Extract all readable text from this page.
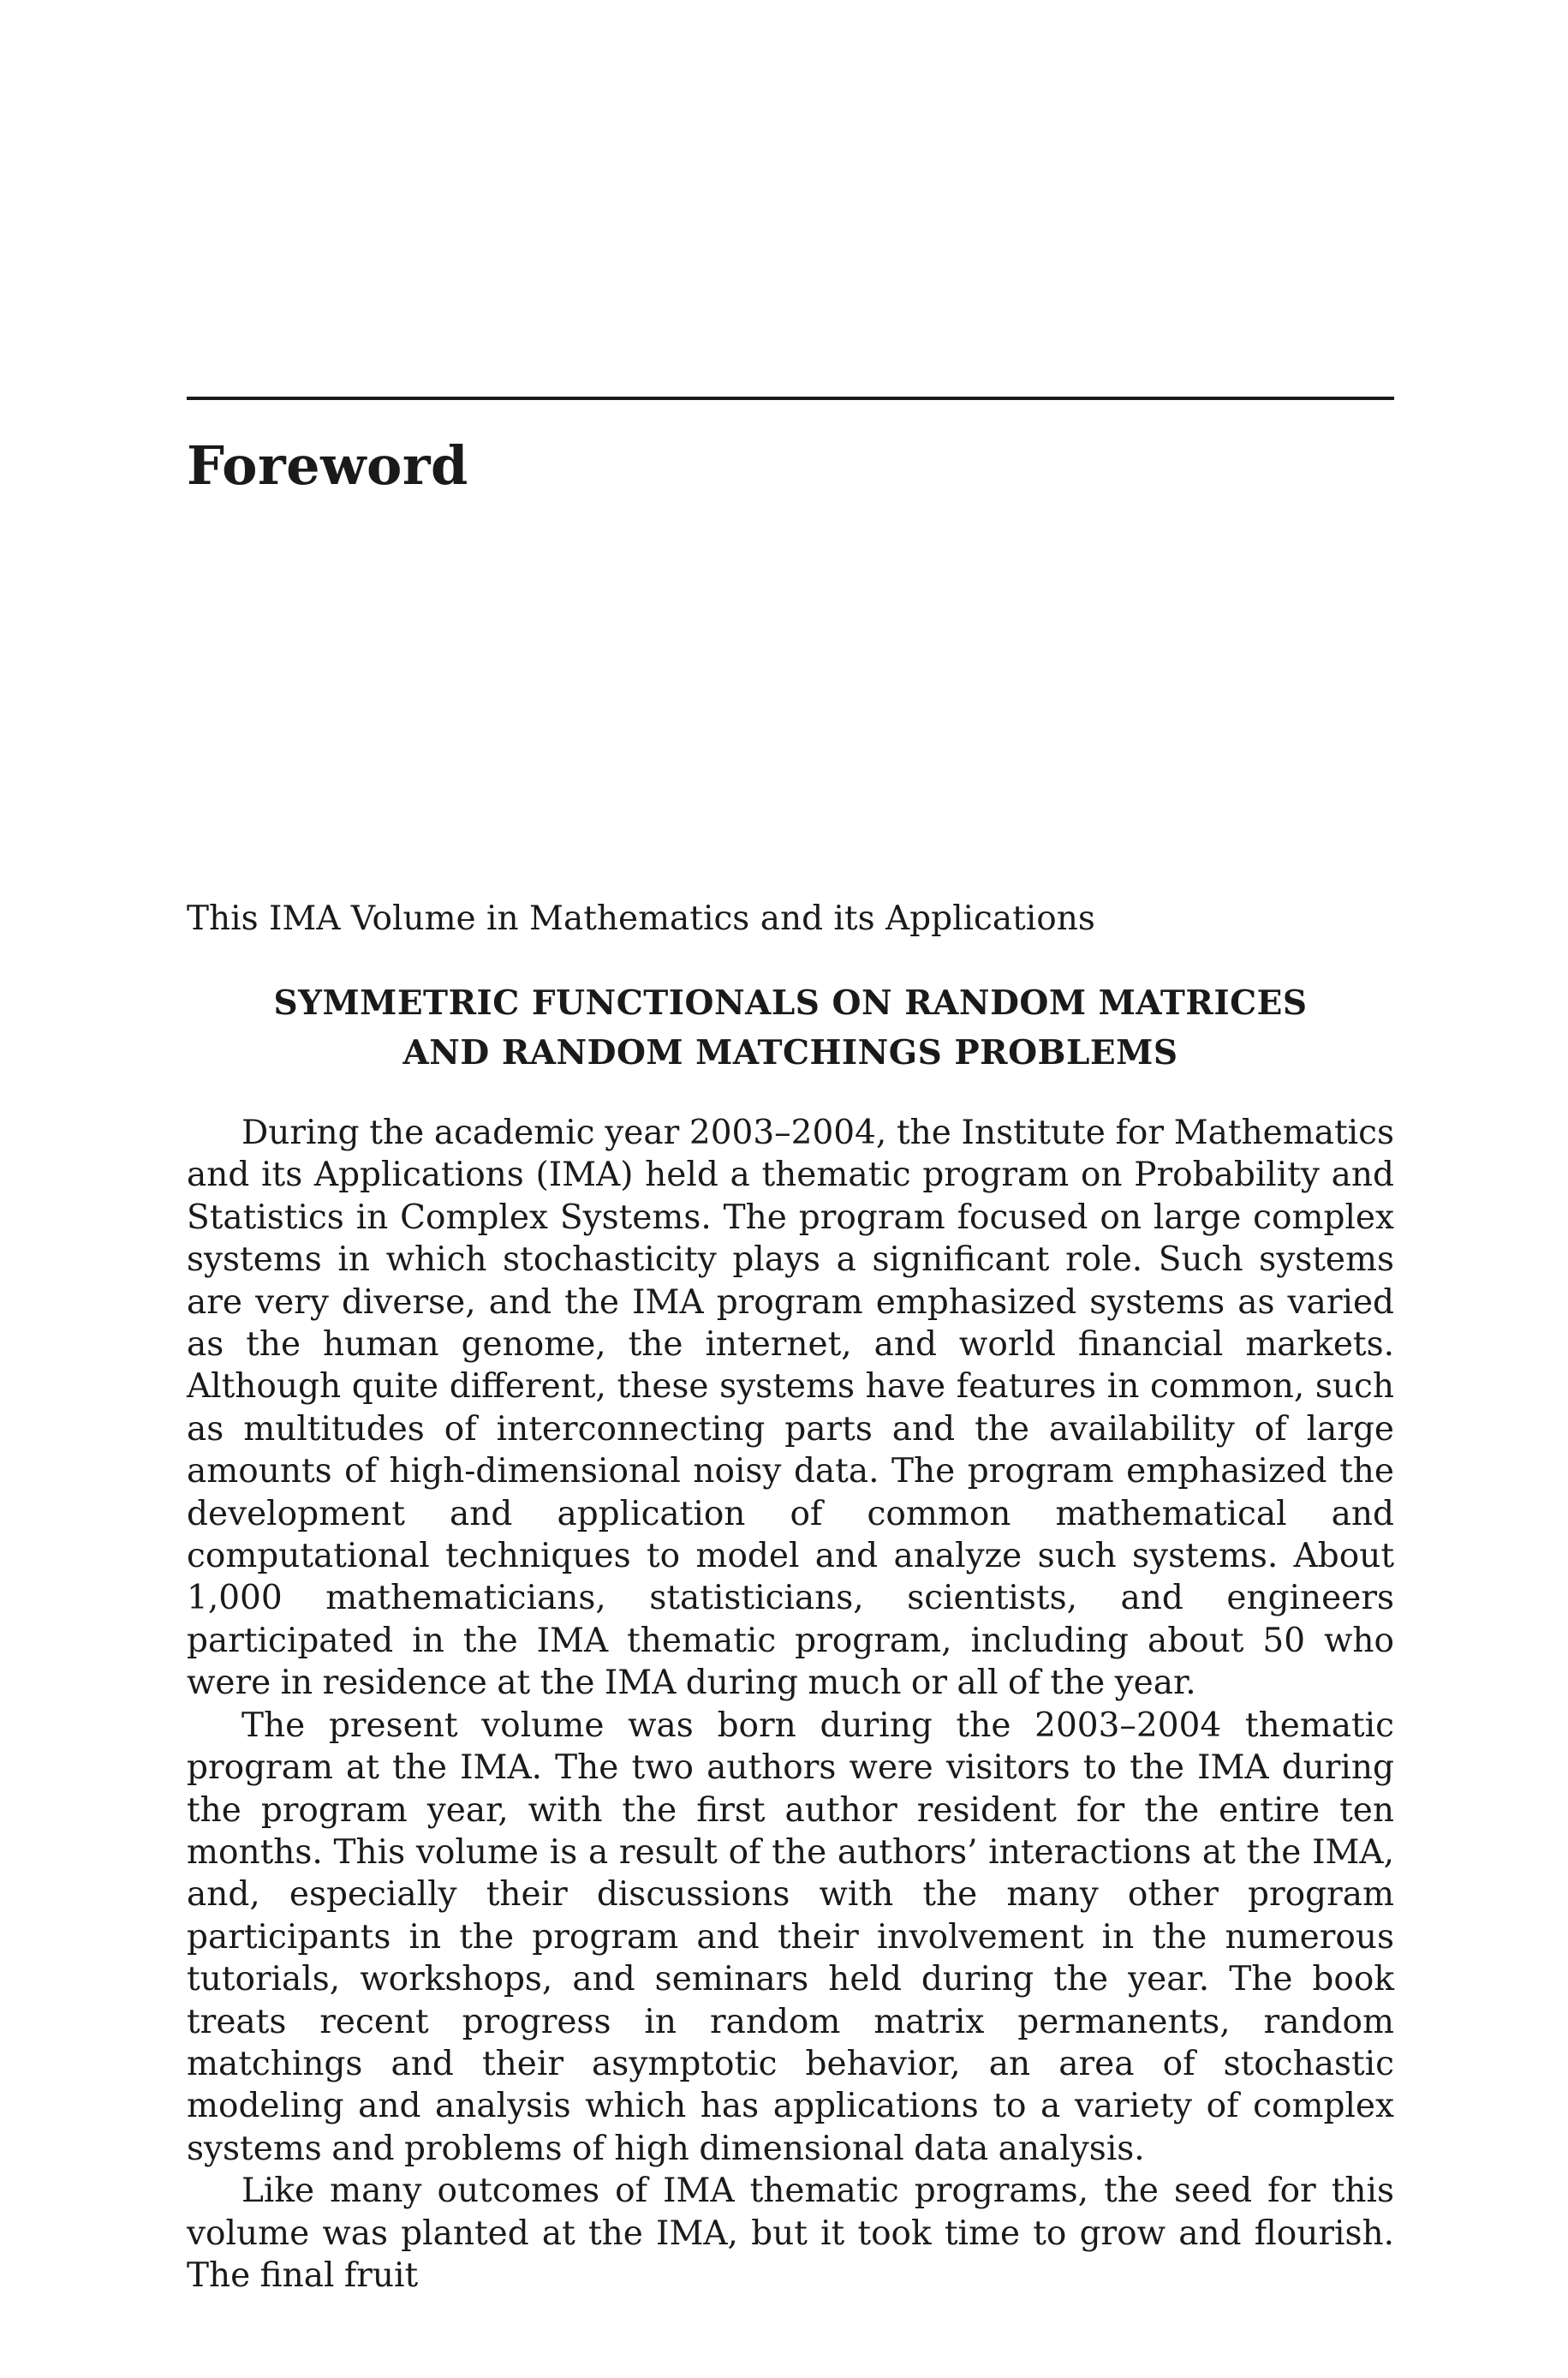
Foreword

This IMA Volume in Mathematics and its Applications

SYMMETRIC FUNCTIONALS ON RANDOM MATRICES
AND RANDOM MATCHINGS PROBLEMS

During the academic year 2003–2004, the Institute for Mathematics and its Applications (IMA) held a thematic program on Probability and Statistics in Complex Systems. The program focused on large complex systems in which stochasticity plays a significant role. Such systems are very diverse, and the IMA program emphasized systems as varied as the human genome, the internet, and world financial markets. Although quite different, these systems have features in common, such as multitudes of interconnecting parts and the availability of large amounts of high-dimensional noisy data. The program emphasized the development and application of common mathematical and computational techniques to model and analyze such systems. About 1,000 mathematicians, statisticians, scientists, and engineers participated in the IMA thematic program, including about 50 who were in residence at the IMA during much or all of the year.

The present volume was born during the 2003–2004 thematic program at the IMA. The two authors were visitors to the IMA during the program year, with the first author resident for the entire ten months. This volume is a result of the authors’ interactions at the IMA, and, especially their discussions with the many other program participants in the program and their involvement in the numerous tutorials, workshops, and seminars held during the year. The book treats recent progress in random matrix permanents, random matchings and their asymptotic behavior, an area of stochastic modeling and analysis which has applications to a variety of complex systems and problems of high dimensional data analysis.

Like many outcomes of IMA thematic programs, the seed for this volume was planted at the IMA, but it took time to grow and flourish. The final fruit
